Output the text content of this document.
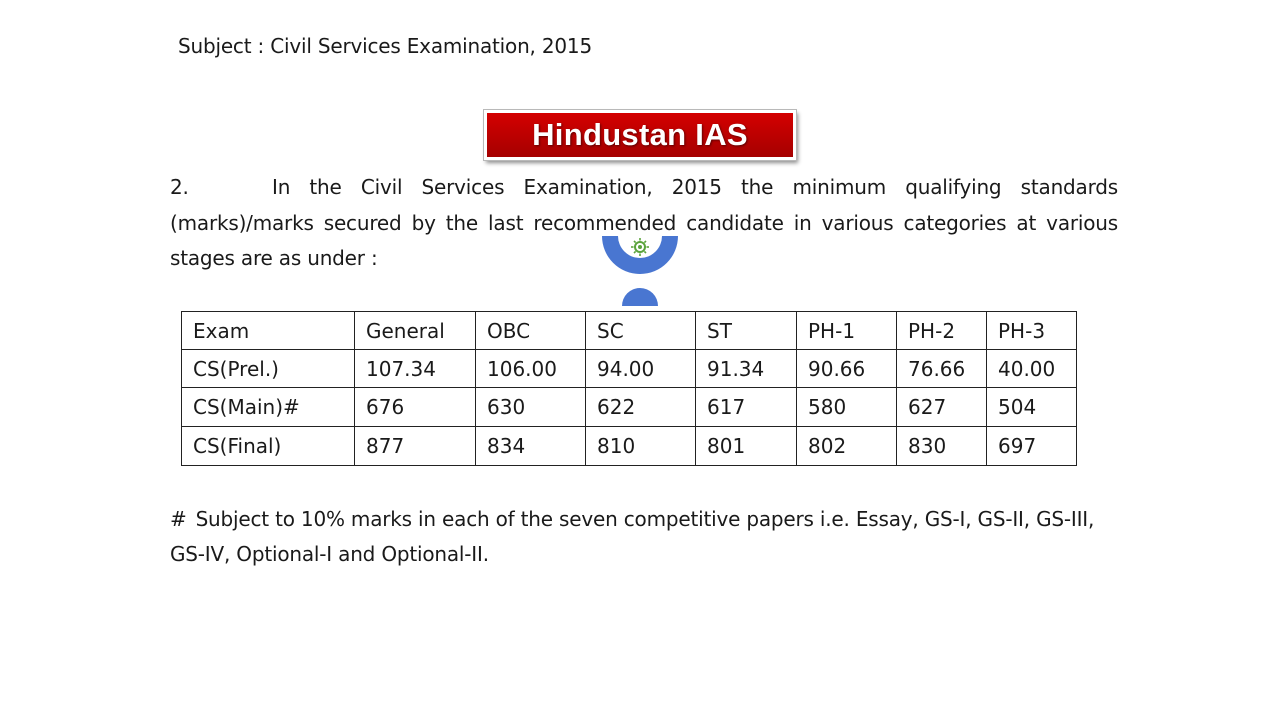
Subject : Civil Services Examination, 2015
Hindustan IAS
2.	In the Civil Services Examination, 2015 the minimum qualifying standards (marks)/marks secured by the last recommended candidate in various categories at various stages are as under :
Exam	General	OBC	SC	ST	PH-1	PH-2	PH-3
CS(Prel.)	107.34	106.00	94.00	91.34	90.66	76.66	40.00
CS(Main)#	676	630	622	617	580	627	504
CS(Final)	877	834	810	801	802	830	697
# Subject to 10% marks in each of the seven competitive papers i.e. Essay, GS-I, GS-II, GS-III, GS-IV, Optional-I and Optional-II.
